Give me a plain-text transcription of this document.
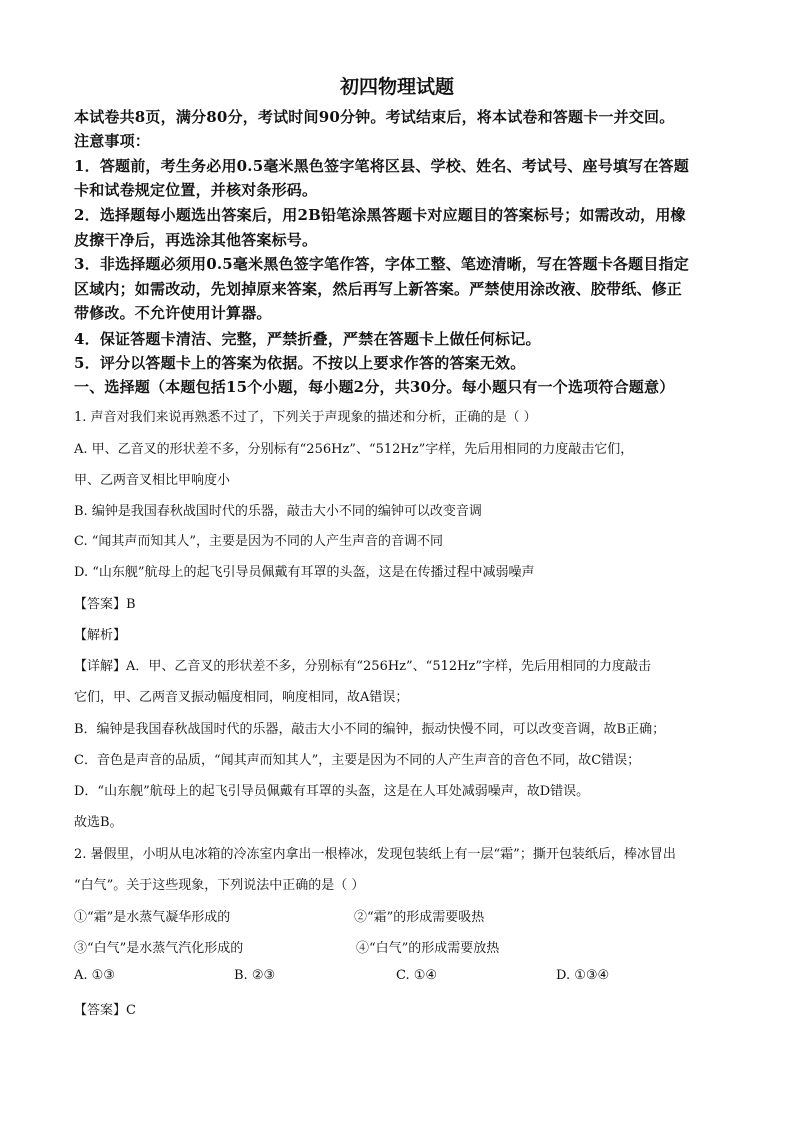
初四物理试题
本试卷共8页，满分80分，考试时间90分钟。考试结束后，将本试卷和答题卡一并交回。
注意事项：
1．答题前，考生务必用0.5毫米黑色签字笔将区县、学校、姓名、考试号、座号填写在答题
卡和试卷规定位置，并核对条形码。
2．选择题每小题选出答案后，用2B铅笔涂黑答题卡对应题目的答案标号；如需改动，用橡
皮擦干净后，再选涂其他答案标号。
3．非选择题必须用0.5毫米黑色签字笔作答，字体工整、笔迹清晰，写在答题卡各题目指定
区域内；如需改动，先划掉原来答案，然后再写上新答案。严禁使用涂改液、胶带纸、修正
带修改。不允许使用计算器。
4．保证答题卡清洁、完整，严禁折叠，严禁在答题卡上做任何标记。
5．评分以答题卡上的答案为依据。不按以上要求作答的答案无效。
一、选择题（本题包括15个小题，每小题2分，共30分。每小题只有一个选项符合题意）
1. 声音对我们来说再熟悉不过了，下列关于声现象的描述和分析，正确的是（ ）
A. 甲、乙音叉的形状差不多，分别标有“256Hz”、“512Hz”字样，先后用相同的力度敲击它们，
甲、乙两音叉相比甲响度小
B. 编钟是我国春秋战国时代的乐器，敲击大小不同的编钟可以改变音调
C. “闻其声而知其人”，主要是因为不同的人产生声音的音调不同
D. “山东舰”航母上的起飞引导员佩戴有耳罩的头盔，这是在传播过程中减弱噪声
【答案】B
【解析】
【详解】A．甲、乙音叉的形状差不多，分别标有“256Hz”、“512Hz”字样，先后用相同的力度敲击
它们，甲、乙两音叉振动幅度相同，响度相同，故A错误；
B．编钟是我国春秋战国时代的乐器，敲击大小不同的编钟，振动快慢不同，可以改变音调，故B正确；
C．音色是声音的品质，“闻其声而知其人”，主要是因为不同的人产生声音的音色不同，故C错误；
D．“山东舰”航母上的起飞引导员佩戴有耳罩的头盔，这是在人耳处减弱噪声，故D错误。
故选B。
2. 暑假里，小明从电冰箱的冷冻室内拿出一根棒冰，发现包装纸上有一层“霜”；撕开包装纸后，棒冰冒出
“白气”。关于这些现象，下列说法中正确的是（ ）
①“霜”是水蒸气凝华形成的	②“霜”的形成需要吸热
③“白气”是水蒸气汽化形成的	④“白气”的形成需要放热
A. ①③	B. ②③	C. ①④	D. ①③④
【答案】C
